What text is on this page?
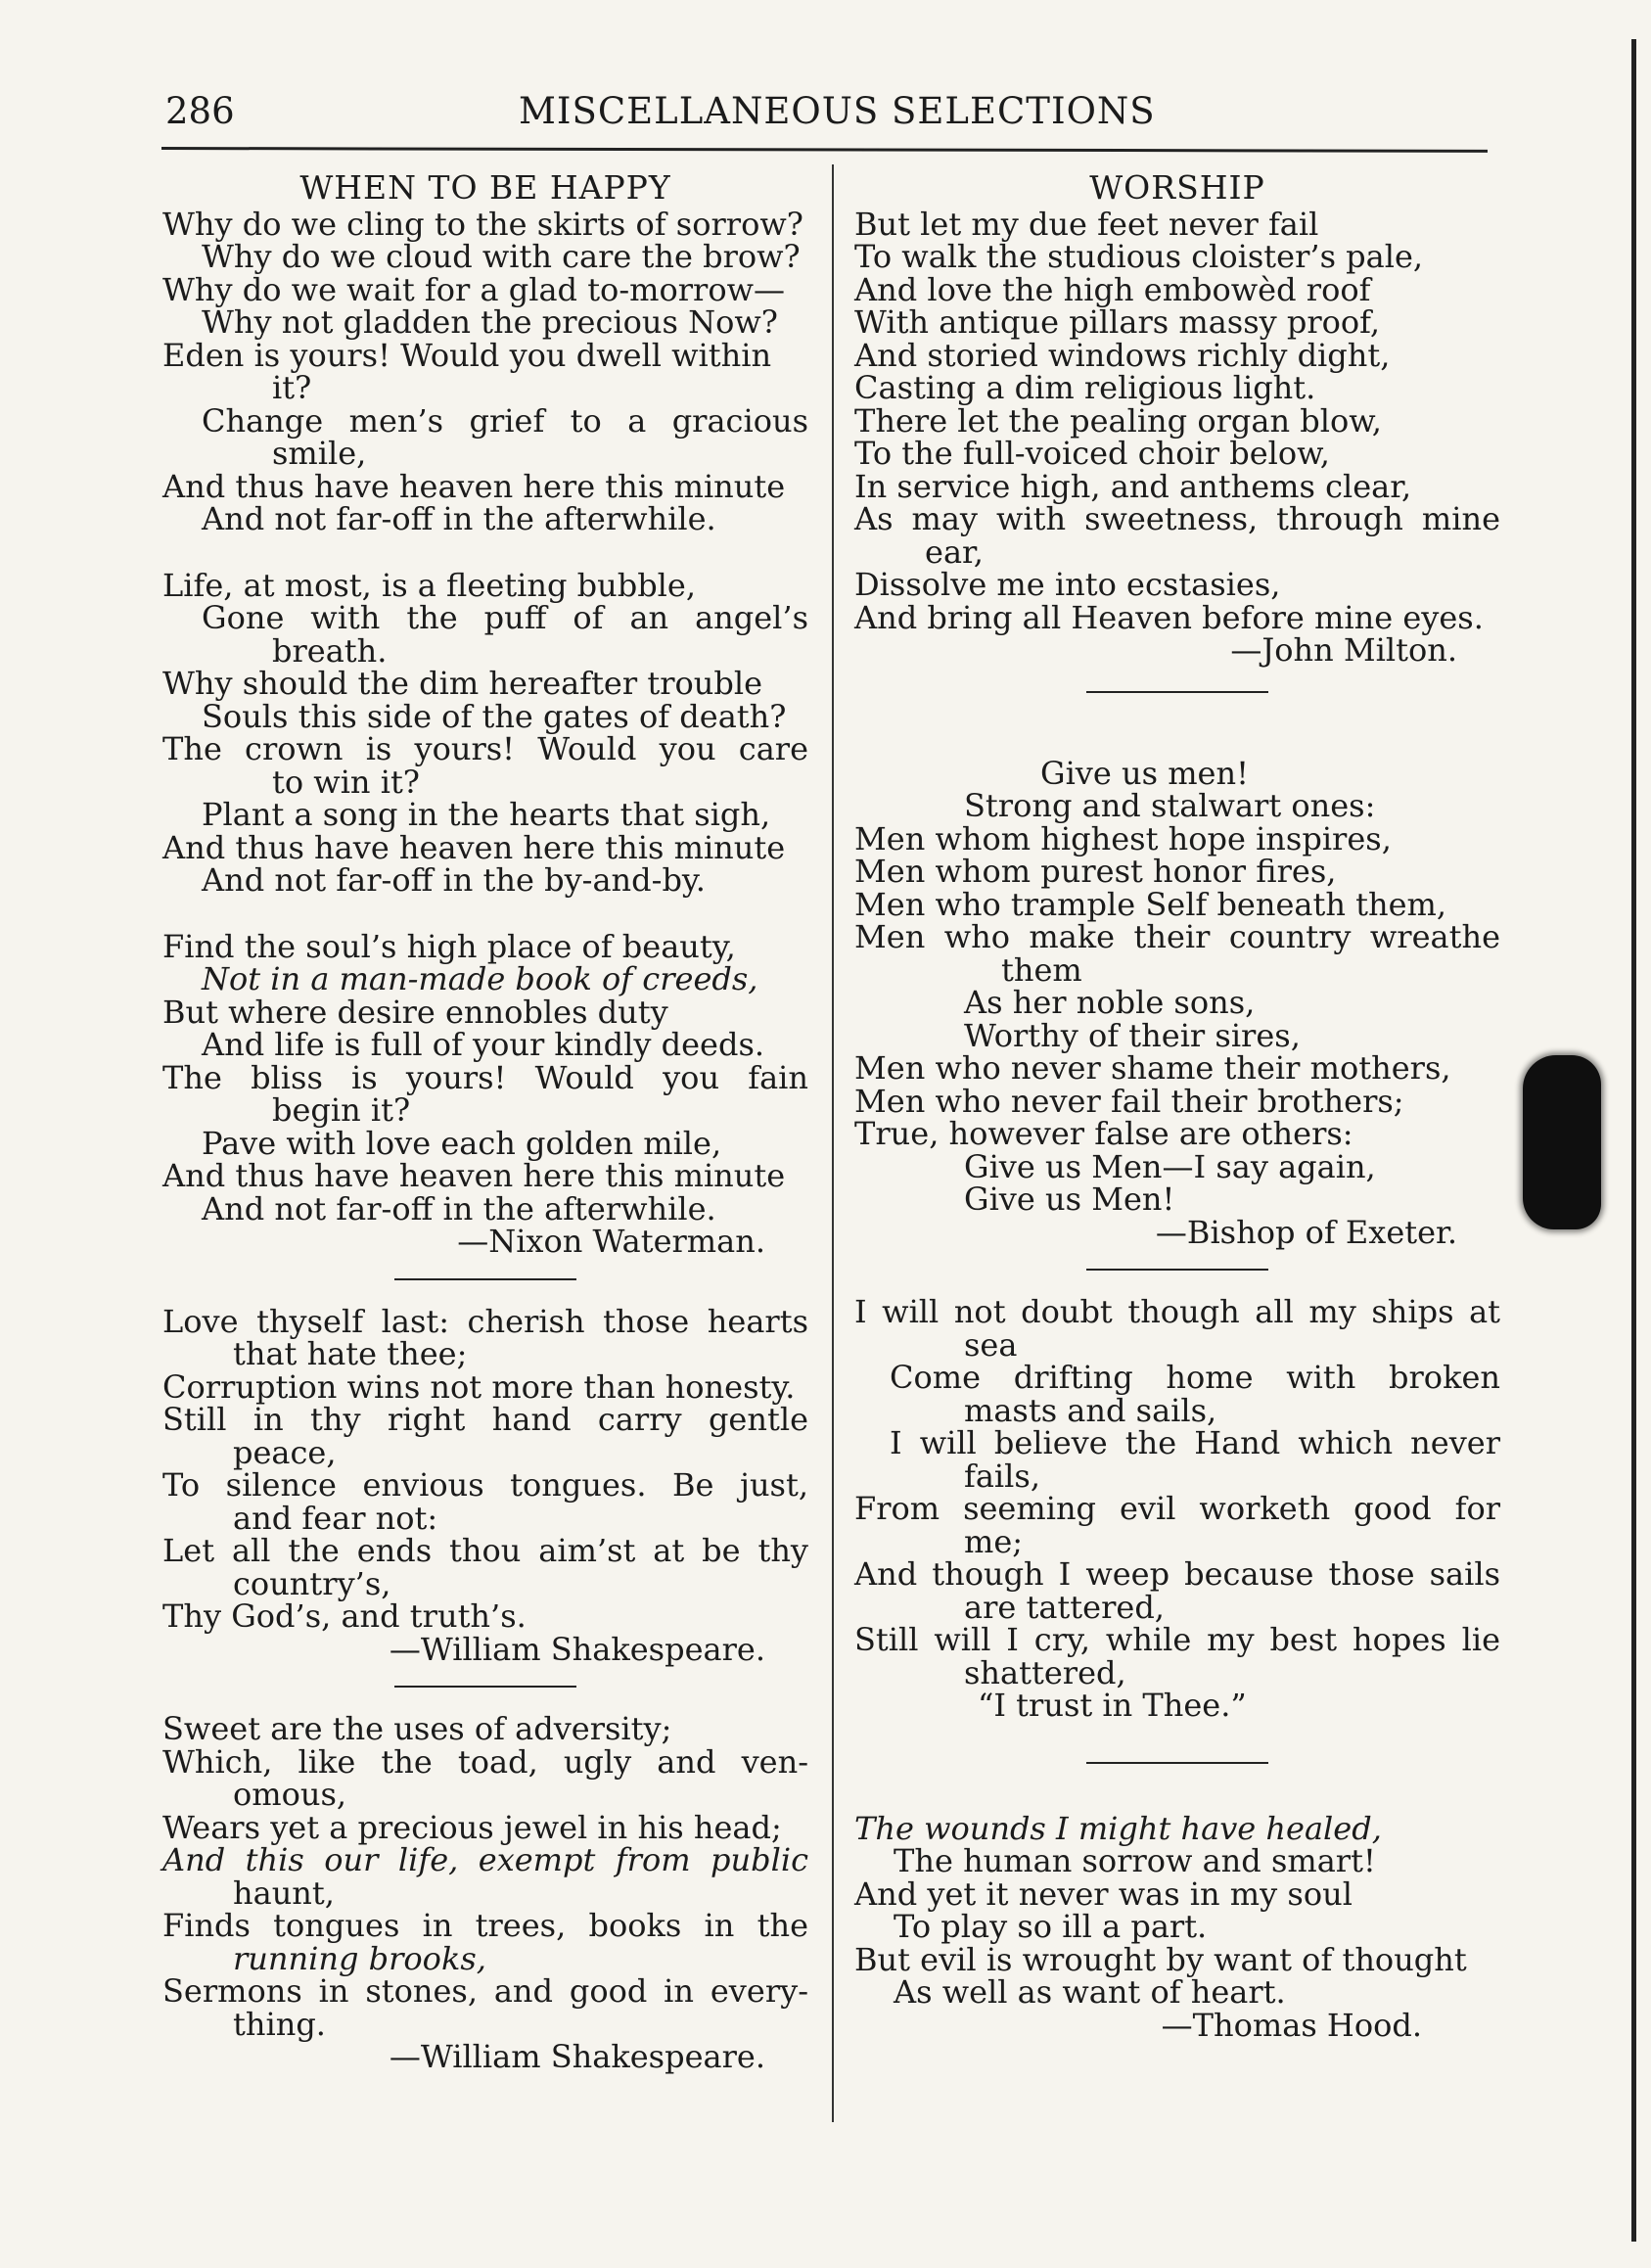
286	MISCELLANEOUS SELECTIONS
WHEN TO BE HAPPY
Why do we cling to the skirts of sorrow?
Why do we cloud with care the brow?
Why do we wait for a glad to-morrow—
Why not gladden the precious Now?
Eden is yours! Would you dwell within
it?
Change men’s grief to a gracious
smile,
And thus have heaven here this minute
And not far-off in the afterwhile.
Life, at most, is a fleeting bubble,
Gone with the puff of an angel’s
breath.
Why should the dim hereafter trouble
Souls this side of the gates of death?
The crown is yours! Would you care
to win it?
Plant a song in the hearts that sigh,
And thus have heaven here this minute
And not far-off in the by-and-by.
Find the soul’s high place of beauty,
Not in a man-made book of creeds,
But where desire ennobles duty
And life is full of your kindly deeds.
The bliss is yours! Would you fain
begin it?
Pave with love each golden mile,
And thus have heaven here this minute
And not far-off in the afterwhile.
—Nixon Waterman.
Love thyself last: cherish those hearts
that hate thee;
Corruption wins not more than honesty.
Still in thy right hand carry gentle
peace,
To silence envious tongues. Be just,
and fear not:
Let all the ends thou aim’st at be thy
country’s,
Thy God’s, and truth’s.
—William Shakespeare.
Sweet are the uses of adversity;
Which, like the toad, ugly and ven-
omous,
Wears yet a precious jewel in his head;
And this our life, exempt from public
haunt,
Finds tongues in trees, books in the
running brooks,
Sermons in stones, and good in every-
thing.
—William Shakespeare.
WORSHIP
But let my due feet never fail
To walk the studious cloister’s pale,
And love the high embowèd roof
With antique pillars massy proof,
And storied windows richly dight,
Casting a dim religious light.
There let the pealing organ blow,
To the full-voiced choir below,
In service high, and anthems clear,
As may with sweetness, through mine
ear,
Dissolve me into ecstasies,
And bring all Heaven before mine eyes.
—John Milton.
Give us men!
Strong and stalwart ones:
Men whom highest hope inspires,
Men whom purest honor fires,
Men who trample Self beneath them,
Men who make their country wreathe
them
As her noble sons,
Worthy of their sires,
Men who never shame their mothers,
Men who never fail their brothers;
True, however false are others:
Give us Men—I say again,
Give us Men!
—Bishop of Exeter.
I will not doubt though all my ships at
sea
Come drifting home with broken
masts and sails,
I will believe the Hand which never
fails,
From seeming evil worketh good for
me;
And though I weep because those sails
are tattered,
Still will I cry, while my best hopes lie
shattered,
“I trust in Thee.”
The wounds I might have healed,
The human sorrow and smart!
And yet it never was in my soul
To play so ill a part.
But evil is wrought by want of thought
As well as want of heart.
—Thomas Hood.
